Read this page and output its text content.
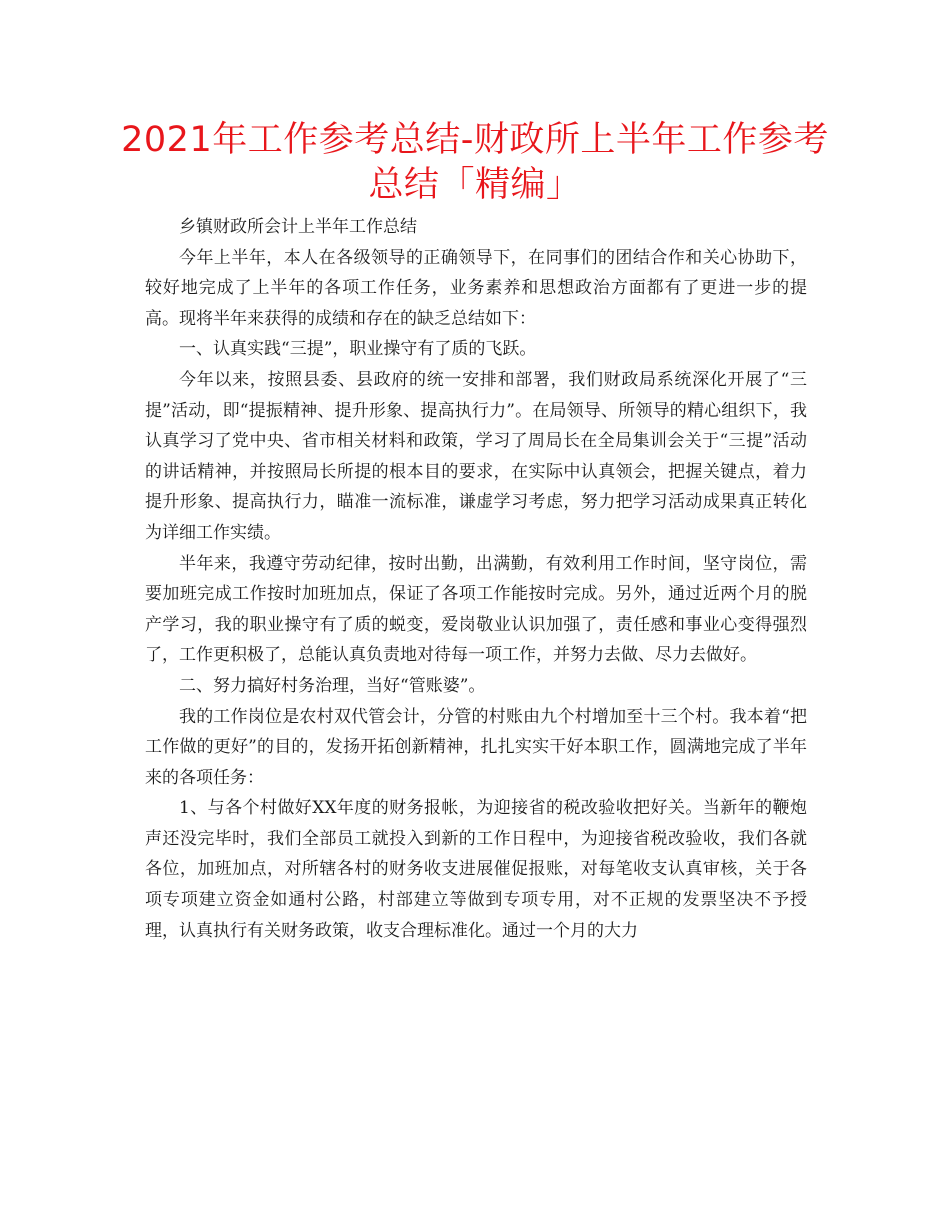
2021年工作参考总结-财政所上半年工作参考总结「精编」

乡镇财政所会计上半年工作总结

今年上半年，本人在各级领导的正确领导下，在同事们的团结合作和关心协助下，较好地完成了上半年的各项工作任务，业务素养和思想政治方面都有了更进一步的提高。现将半年来获得的成绩和存在的缺乏总结如下：

一、认真实践“三提”，职业操守有了质的飞跃。

今年以来，按照县委、县政府的统一安排和部署，我们财政局系统深化开展了“三提”活动，即“提振精神、提升形象、提高执行力”。在局领导、所领导的精心组织下，我认真学习了党中央、省市相关材料和政策，学习了周局长在全局集训会关于“三提”活动的讲话精神，并按照局长所提的根本目的要求，在实际中认真领会，把握关键点，着力提升形象、提高执行力，瞄准一流标准，谦虚学习考虑，努力把学习活动成果真正转化为详细工作实绩。

半年来，我遵守劳动纪律，按时出勤，出满勤，有效利用工作时间，坚守岗位，需要加班完成工作按时加班加点，保证了各项工作能按时完成。另外，通过近两个月的脱产学习，我的职业操守有了质的蜕变，爱岗敬业认识加强了，责任感和事业心变得强烈了，工作更积极了，总能认真负责地对待每一项工作，并努力去做、尽力去做好。

二、努力搞好村务治理，当好“管账婆”。

我的工作岗位是农村双代管会计，分管的村账由九个村增加至十三个村。我本着“把工作做的更好”的目的，发扬开拓创新精神，扎扎实实干好本职工作，圆满地完成了半年来的各项任务：

1、与各个村做好XX年度的财务报帐，为迎接省的税改验收把好关。当新年的鞭炮声还没完毕时，我们全部员工就投入到新的工作日程中，为迎接省税改验收，我们各就各位，加班加点，对所辖各村的财务收支进展催促报账，对每笔收支认真审核，关于各项专项建立资金如通村公路，村部建立等做到专项专用，对不正规的发票坚决不予授理，认真执行有关财务政策，收支合理标准化。通过一个月的大力
